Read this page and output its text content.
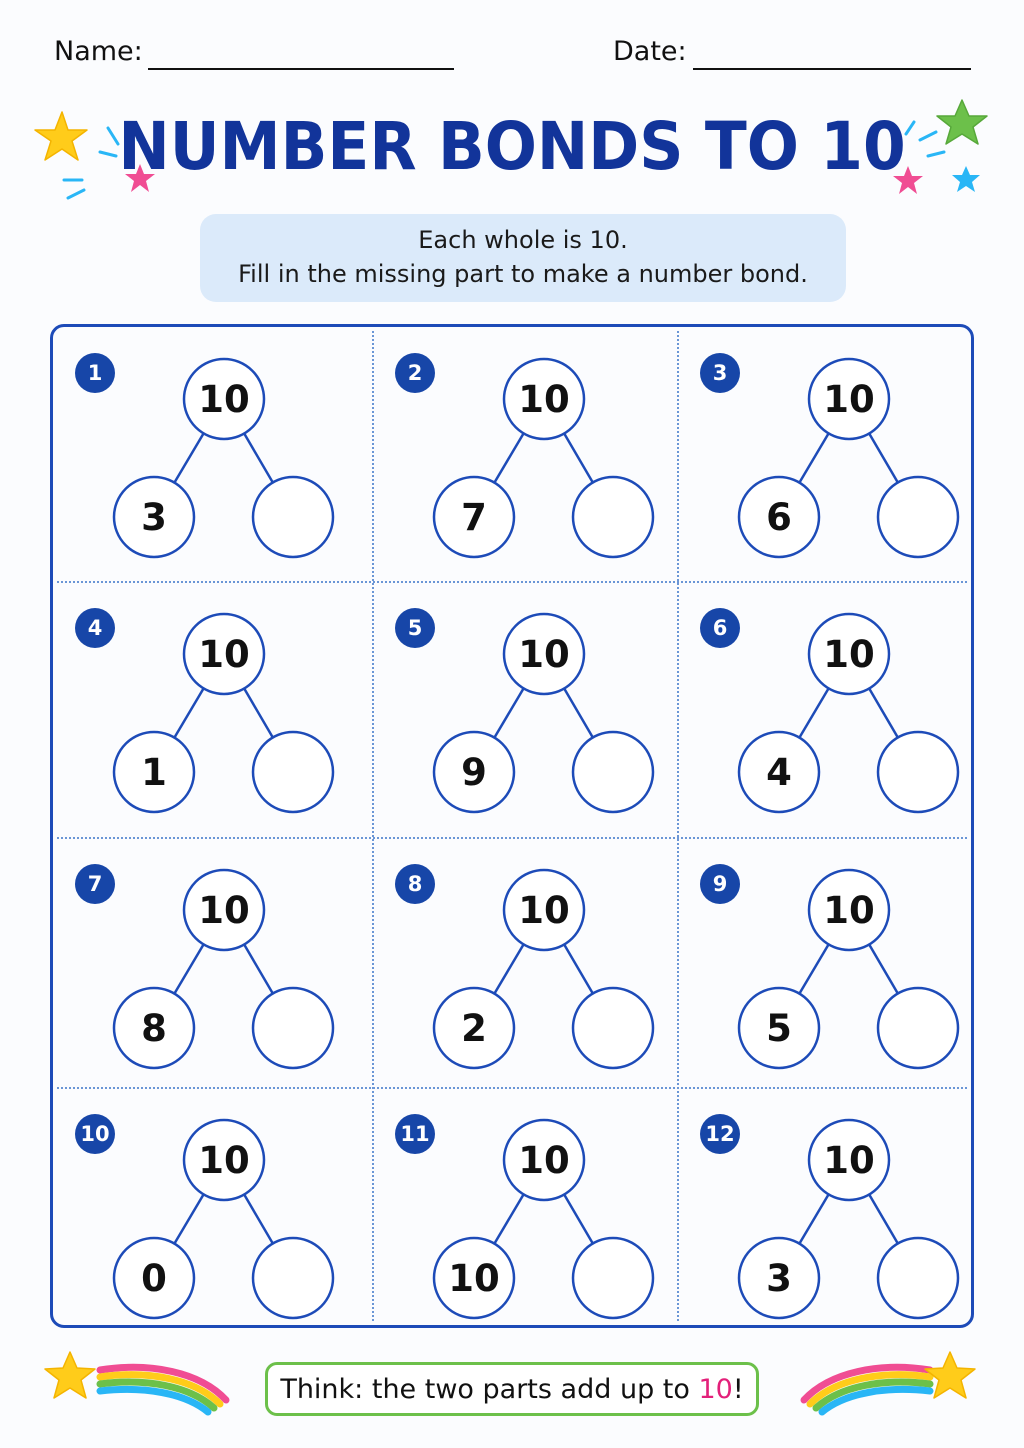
Name:	Date:
NUMBER BONDS TO 10
Each whole is 10.
Fill in the missing part to make a number bond.
1
10
3
2
10
7
3
10
6
4
10
1
5
10
9
6
10
4
7
10
8
8
10
2
9
10
5
10
10
0
11
10
10
12
10
3
Think: the two parts add up to 10 !
